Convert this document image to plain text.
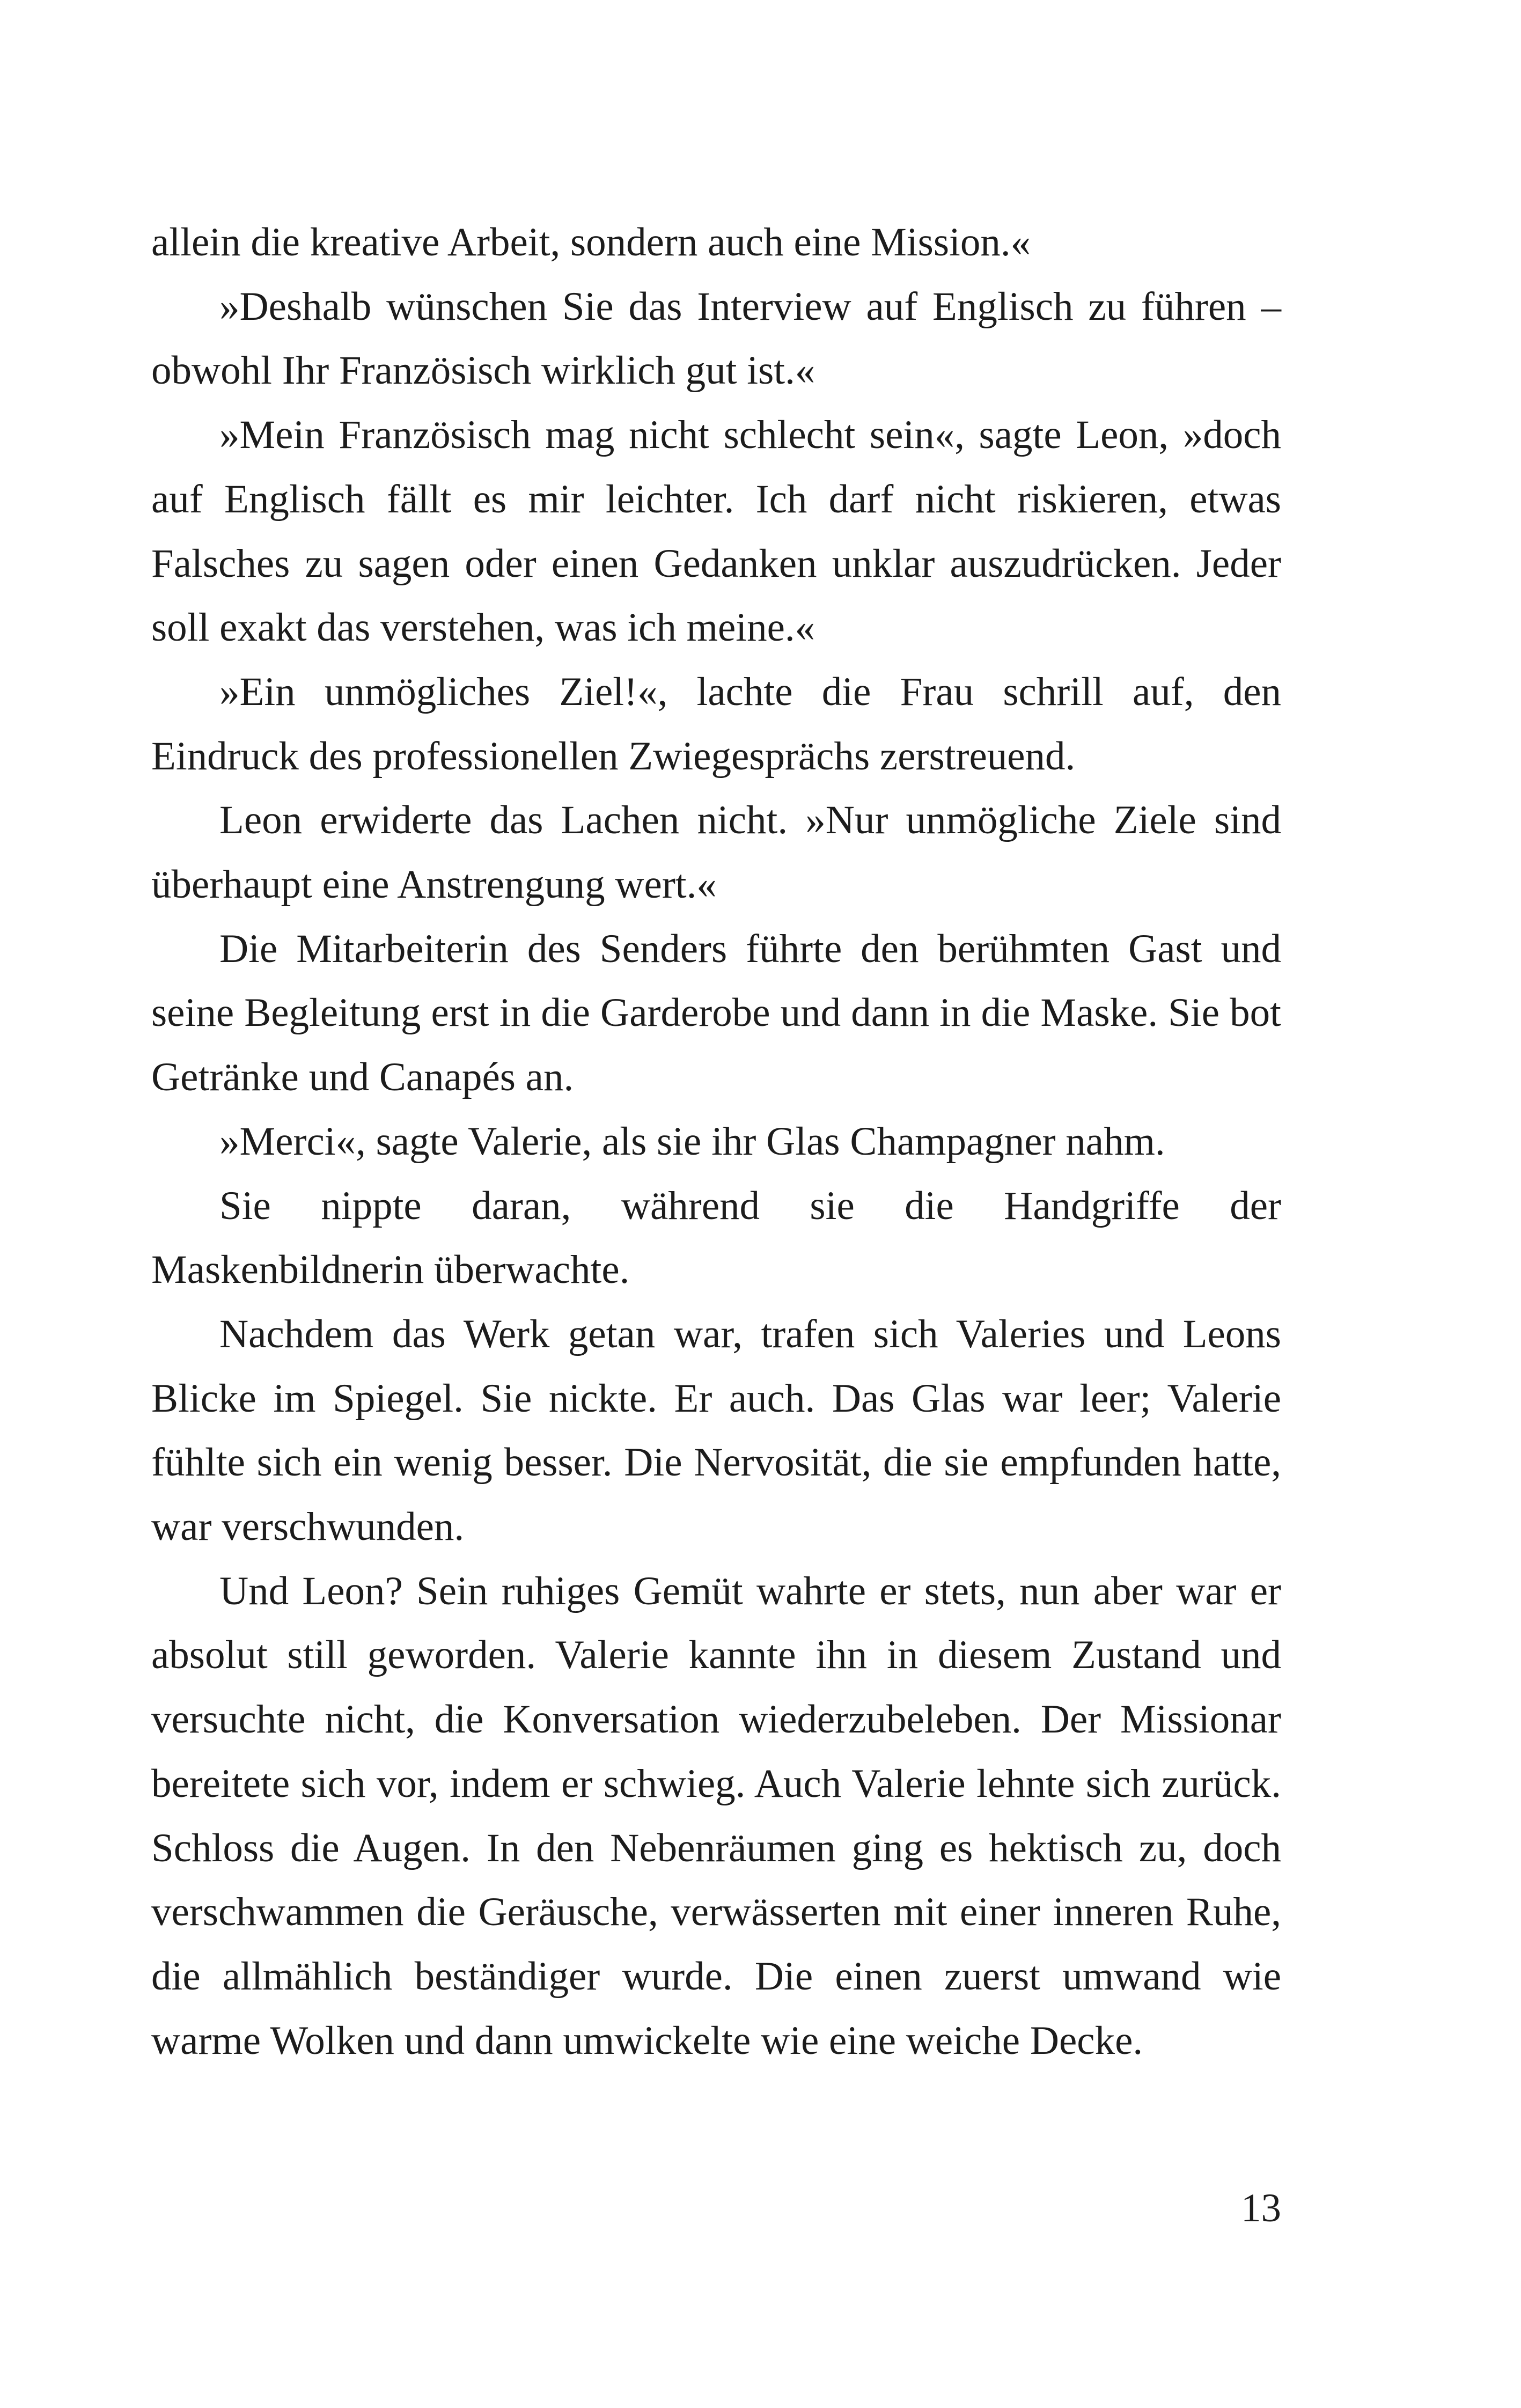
allein die kreative Arbeit, sondern auch eine Mission.«

»Deshalb wünschen Sie das Interview auf Englisch zu führen – obwohl Ihr Französisch wirklich gut ist.«

»Mein Französisch mag nicht schlecht sein«, sagte Leon, »doch auf Englisch fällt es mir leichter. Ich darf nicht riskieren, etwas Falsches zu sagen oder einen Gedanken unklar auszudrücken. Jeder soll exakt das verstehen, was ich meine.«

»Ein unmögliches Ziel!«, lachte die Frau schrill auf, den Eindruck des professionellen Zwiegesprächs zerstreuend.

Leon erwiderte das Lachen nicht. »Nur unmögliche Ziele sind überhaupt eine Anstrengung wert.«

Die Mitarbeiterin des Senders führte den berühmten Gast und seine Begleitung erst in die Garderobe und dann in die Maske. Sie bot Getränke und Canapés an.

»Merci«, sagte Valerie, als sie ihr Glas Champagner nahm.

Sie nippte daran, während sie die Handgriffe der Maskenbildnerin überwachte.

Nachdem das Werk getan war, trafen sich Valeries und Leons Blicke im Spiegel. Sie nickte. Er auch. Das Glas war leer; Valerie fühlte sich ein wenig besser. Die Nervosität, die sie empfunden hatte, war verschwunden.

Und Leon? Sein ruhiges Gemüt wahrte er stets, nun aber war er absolut still geworden. Valerie kannte ihn in diesem Zustand und versuchte nicht, die Konversation wiederzubeleben. Der Missionar bereitete sich vor, indem er schwieg. Auch Valerie lehnte sich zurück. Schloss die Augen. In den Nebenräumen ging es hektisch zu, doch verschwammen die Geräusche, verwässerten mit einer inneren Ruhe, die allmählich beständiger wurde. Die einen zuerst umwand wie warme Wolken und dann umwickelte wie eine weiche Decke.

13
